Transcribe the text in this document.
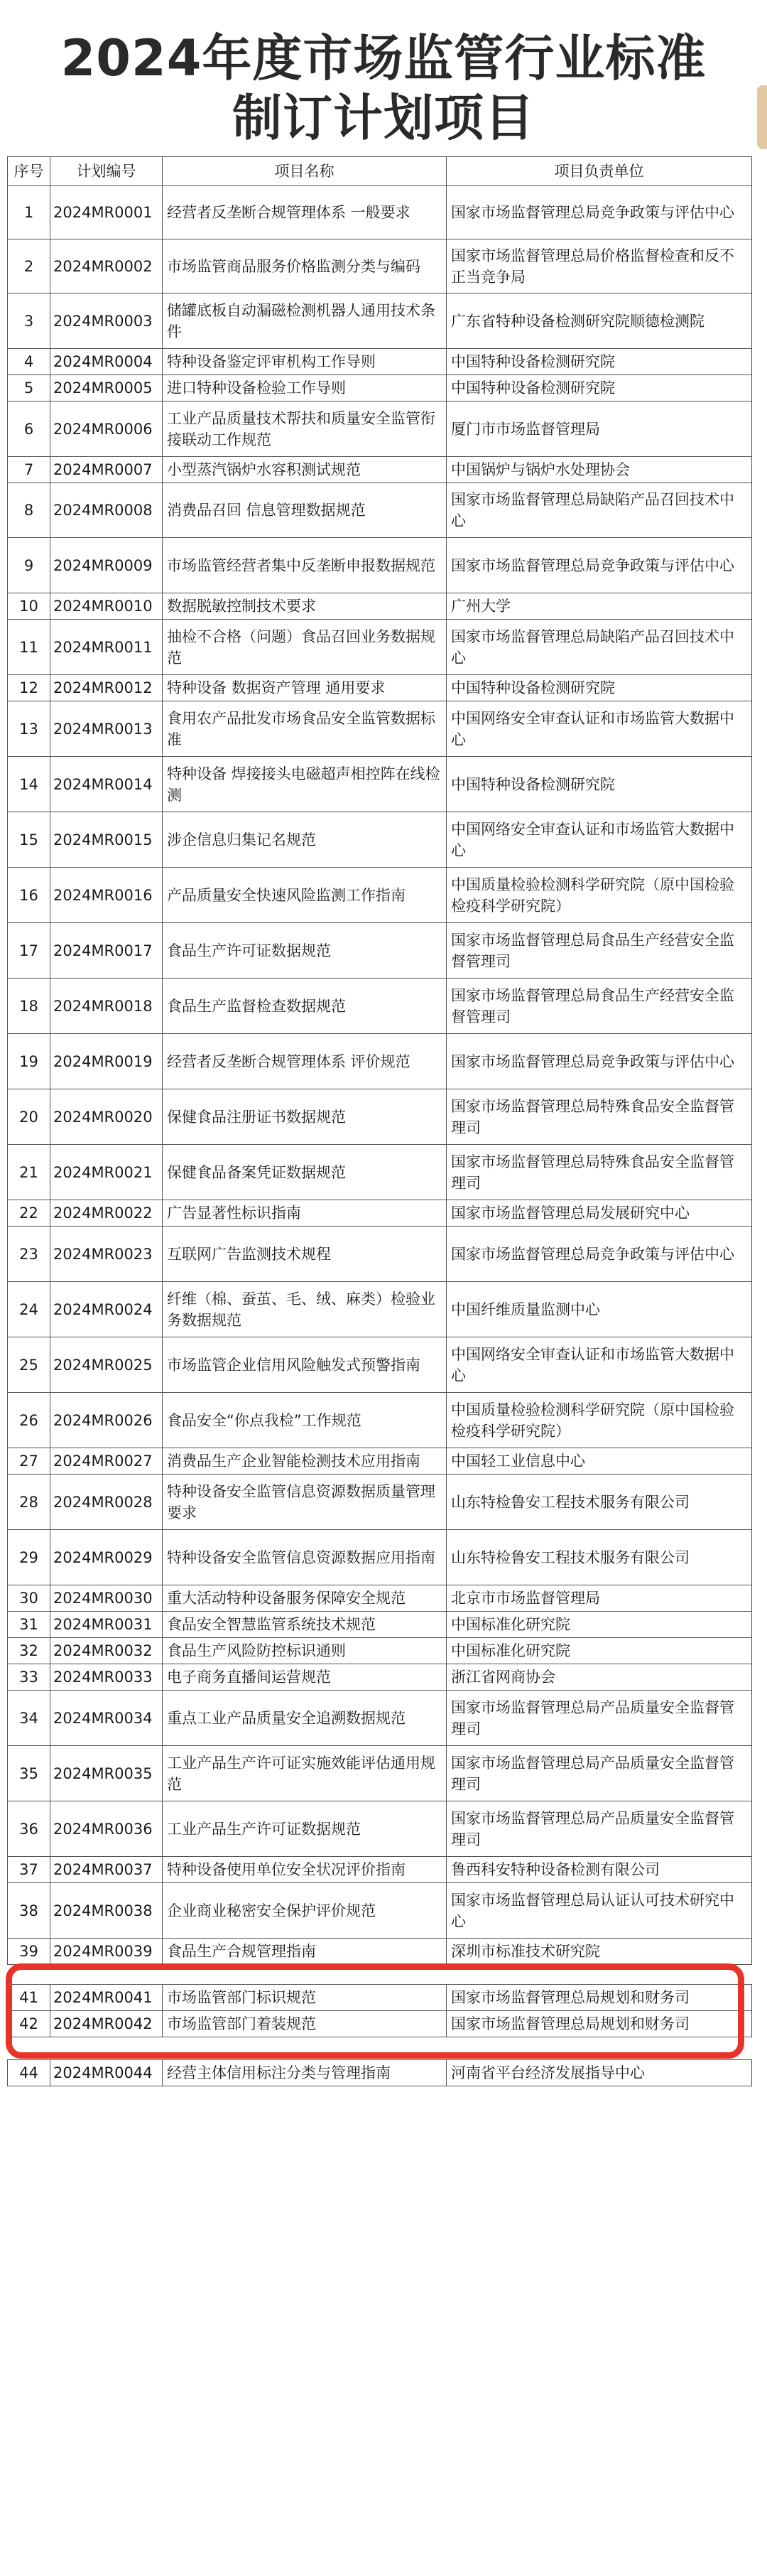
2024年度市场监管行业标准
制订计划项目
序号	计划编号	项目名称	项目负责单位
1	2024MR0001	经营者反垄断合规管理体系 一般要求	国家市场监督管理总局竞争政策与评估中心
2	2024MR0002	市场监管商品服务价格监测分类与编码	国家市场监督管理总局价格监督检查和反不正当竞争局
3	2024MR0003	储罐底板自动漏磁检测机器人通用技术条件	广东省特种设备检测研究院顺德检测院
4	2024MR0004	特种设备鉴定评审机构工作导则	中国特种设备检测研究院
5	2024MR0005	进口特种设备检验工作导则	中国特种设备检测研究院
6	2024MR0006	工业产品质量技术帮扶和质量安全监管衔接联动工作规范	厦门市市场监督管理局
7	2024MR0007	小型蒸汽锅炉水容积测试规范	中国锅炉与锅炉水处理协会
8	2024MR0008	消费品召回 信息管理数据规范	国家市场监督管理总局缺陷产品召回技术中心
9	2024MR0009	市场监管经营者集中反垄断申报数据规范	国家市场监督管理总局竞争政策与评估中心
10	2024MR0010	数据脱敏控制技术要求	广州大学
11	2024MR0011	抽检不合格（问题）食品召回业务数据规范	国家市场监督管理总局缺陷产品召回技术中心
12	2024MR0012	特种设备 数据资产管理 通用要求	中国特种设备检测研究院
13	2024MR0013	食用农产品批发市场食品安全监管数据标准	中国网络安全审查认证和市场监管大数据中心
14	2024MR0014	特种设备 焊接接头电磁超声相控阵在线检测	中国特种设备检测研究院
15	2024MR0015	涉企信息归集记名规范	中国网络安全审查认证和市场监管大数据中心
16	2024MR0016	产品质量安全快速风险监测工作指南	中国质量检验检测科学研究院（原中国检验检疫科学研究院）
17	2024MR0017	食品生产许可证数据规范	国家市场监督管理总局食品生产经营安全监督管理司
18	2024MR0018	食品生产监督检查数据规范	国家市场监督管理总局食品生产经营安全监督管理司
19	2024MR0019	经营者反垄断合规管理体系 评价规范	国家市场监督管理总局竞争政策与评估中心
20	2024MR0020	保健食品注册证书数据规范	国家市场监督管理总局特殊食品安全监督管理司
21	2024MR0021	保健食品备案凭证数据规范	国家市场监督管理总局特殊食品安全监督管理司
22	2024MR0022	广告显著性标识指南	国家市场监督管理总局发展研究中心
23	2024MR0023	互联网广告监测技术规程	国家市场监督管理总局竞争政策与评估中心
24	2024MR0024	纤维（棉、蚕茧、毛、绒、麻类）检验业务数据规范	中国纤维质量监测中心
25	2024MR0025	市场监管企业信用风险触发式预警指南	中国网络安全审查认证和市场监管大数据中心
26	2024MR0026	食品安全“你点我检”工作规范	中国质量检验检测科学研究院（原中国检验检疫科学研究院）
27	2024MR0027	消费品生产企业智能检测技术应用指南	中国轻工业信息中心
28	2024MR0028	特种设备安全监管信息资源数据质量管理要求	山东特检鲁安工程技术服务有限公司
29	2024MR0029	特种设备安全监管信息资源数据应用指南	山东特检鲁安工程技术服务有限公司
30	2024MR0030	重大活动特种设备服务保障安全规范	北京市市场监督管理局
31	2024MR0031	食品安全智慧监管系统技术规范	中国标准化研究院
32	2024MR0032	食品生产风险防控标识通则	中国标准化研究院
33	2024MR0033	电子商务直播间运营规范	浙江省网商协会
34	2024MR0034	重点工业产品质量安全追溯数据规范	国家市场监督管理总局产品质量安全监督管理司
35	2024MR0035	工业产品生产许可证实施效能评估通用规范	国家市场监督管理总局产品质量安全监督管理司
36	2024MR0036	工业产品生产许可证数据规范	国家市场监督管理总局产品质量安全监督管理司
37	2024MR0037	特种设备使用单位安全状况评价指南	鲁西科安特种设备检测有限公司
38	2024MR0038	企业商业秘密安全保护评价规范	国家市场监督管理总局认证认可技术研究中心
39	2024MR0039	食品生产合规管理指南	深圳市标准技术研究院

41	2024MR0041	市场监管部门标识规范	国家市场监督管理总局规划和财务司
42	2024MR0042	市场监管部门着装规范	国家市场监督管理总局规划和财务司

44	2024MR0044	经营主体信用标注分类与管理指南	河南省平台经济发展指导中心
